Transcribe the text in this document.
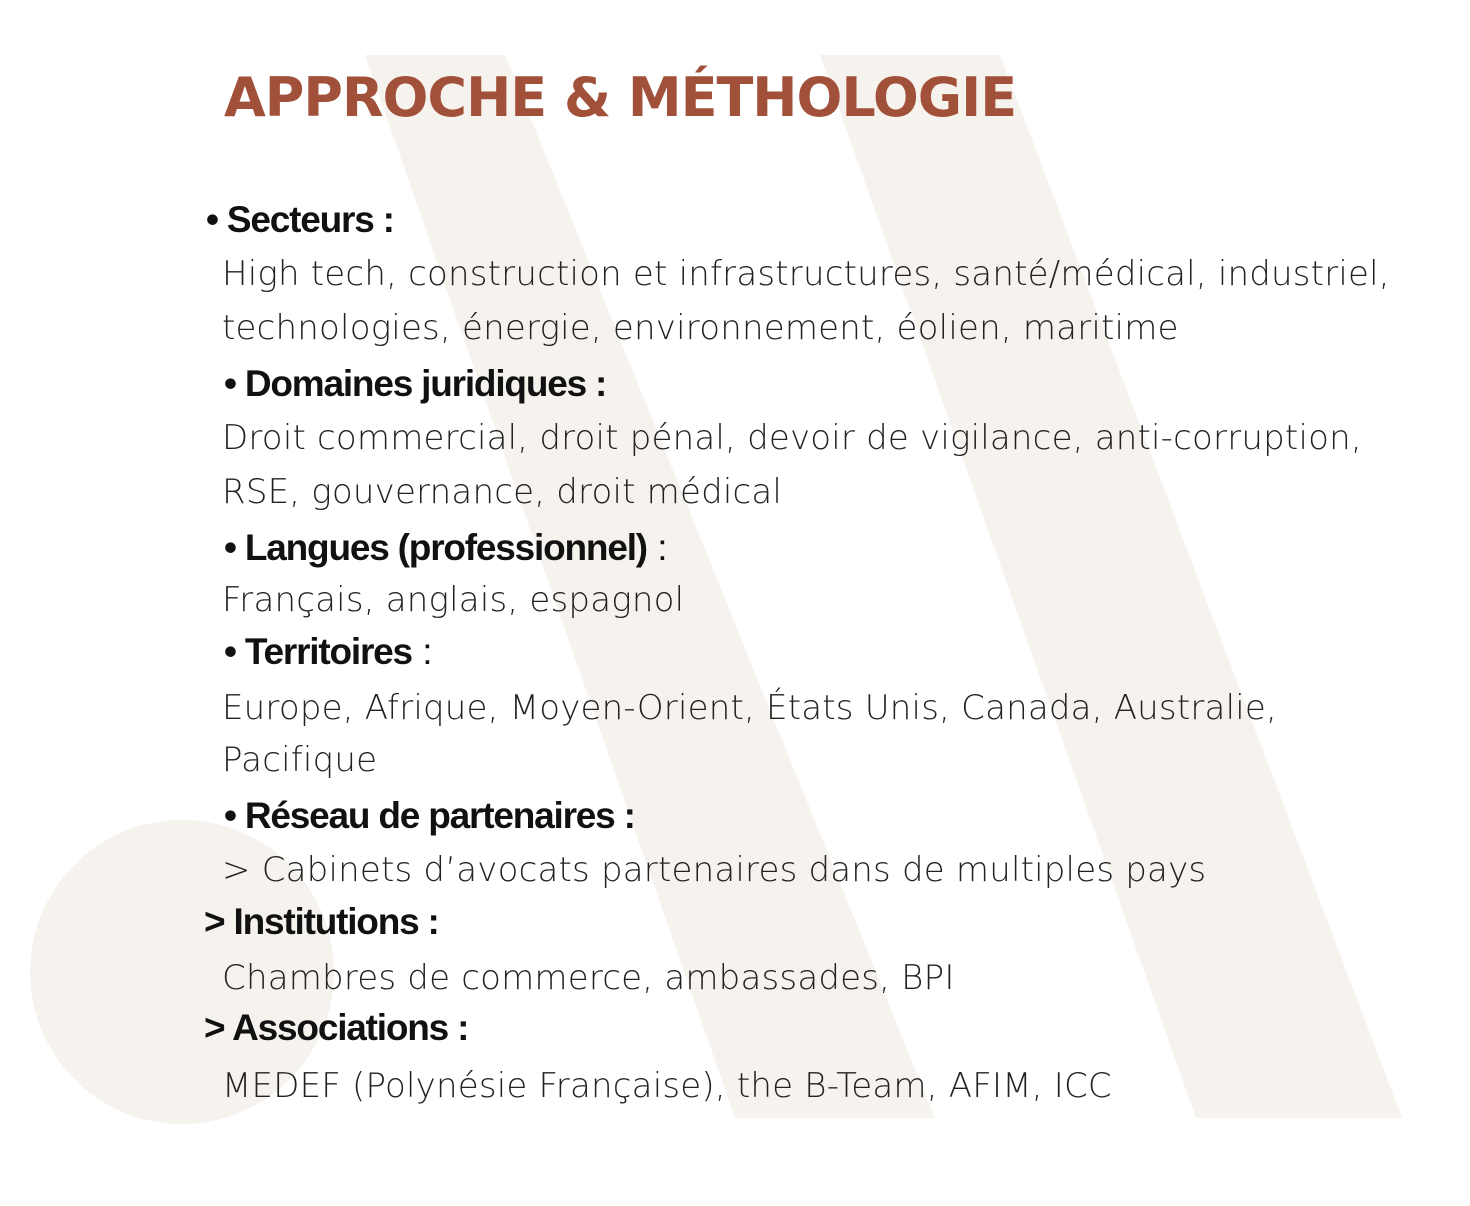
APPROCHE & MÉTHOLOGIE
• Secteurs :
High tech, construction et infrastructures, santé/médical, industriel,
technologies, énergie, environnement, éolien, maritime
• Domaines juridiques :
Droit commercial, droit pénal, devoir de vigilance, anti-corruption,
RSE, gouvernance, droit médical
• Langues (professionnel) :
Français, anglais, espagnol
• Territoires :
Europe, Afrique, Moyen-Orient, États Unis, Canada, Australie,
Pacifique
• Réseau de partenaires :
> Cabinets d’avocats partenaires dans de multiples pays
> Institutions :
Chambres de commerce, ambassades, BPI
> Associations :
MEDEF (Polynésie Française), the B-Team, AFIM, ICC
